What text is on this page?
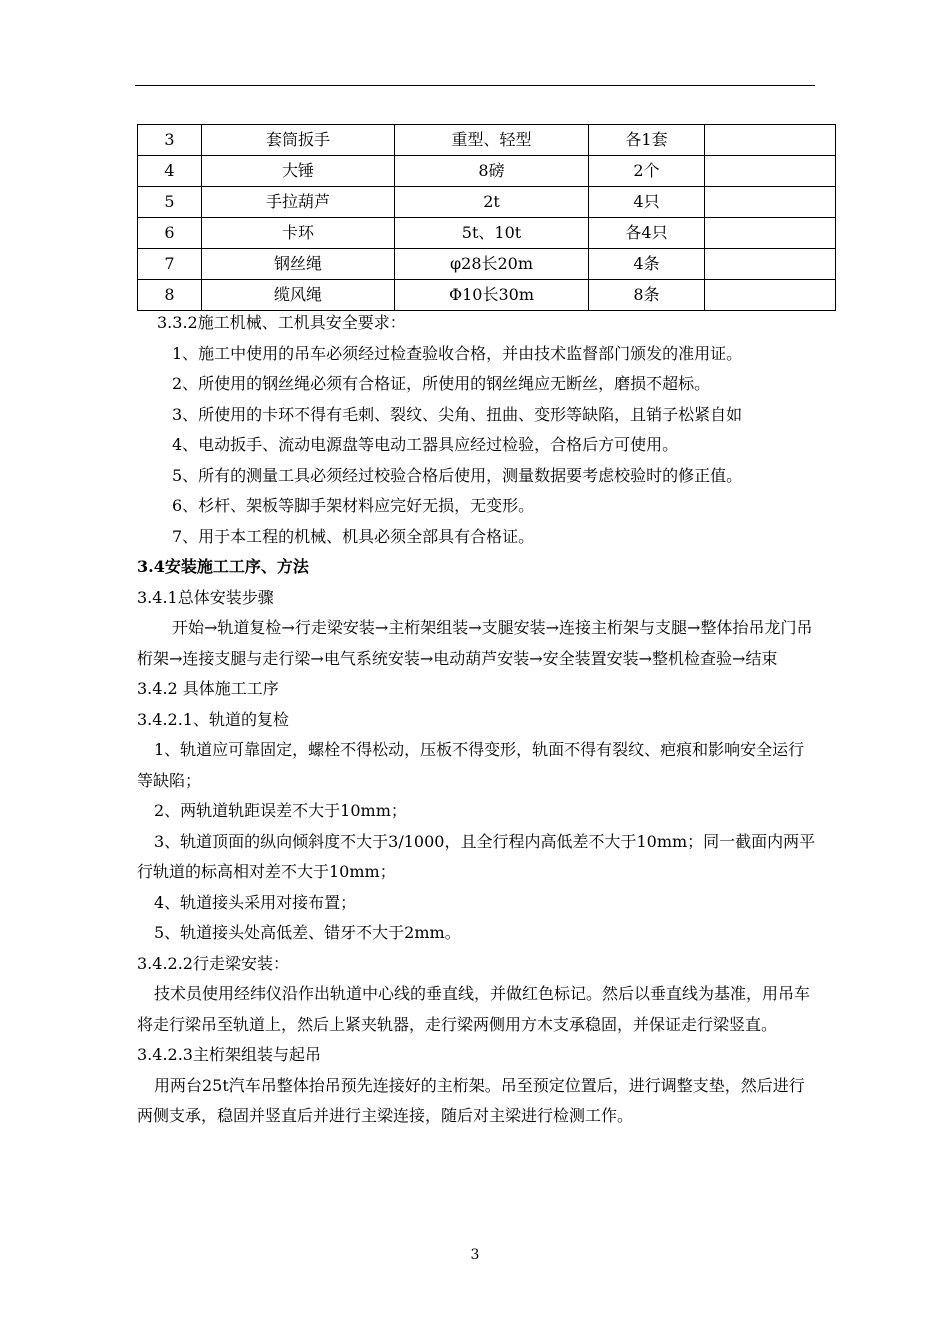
3	套筒扳手	重型、轻型	各1套	
4	大锤	8磅	2个	
5	手拉葫芦	2t	4只	
6	卡环	5t、10t	各4只	
7	钢丝绳	φ28长20m	4条	
8	缆风绳	Φ10长30m	8条	

3.3.2施工机械、工机具安全要求：

1、施工中使用的吊车必须经过检查验收合格，并由技术监督部门颁发的准用证。

2、所使用的钢丝绳必须有合格证，所使用的钢丝绳应无断丝，磨损不超标。

3、所使用的卡环不得有毛刺、裂纹、尖角、扭曲、变形等缺陷，且销子松紧自如

4、电动扳手、流动电源盘等电动工器具应经过检验，合格后方可使用。

5、所有的测量工具必须经过校验合格后使用，测量数据要考虑校验时的修正值。

6、杉杆、架板等脚手架材料应完好无损，无变形。

7、用于本工程的机械、机具必须全部具有合格证。

3.4安装施工工序、方法

3.4.1总体安装步骤

开始→轨道复检→行走梁安装→主桁架组装→支腿安装→连接主桁架与支腿→整体抬吊龙门吊桁架→连接支腿与走行梁→电气系统安装→电动葫芦安装→安全装置安装→整机检查验→结束

3.4.2 具体施工工序

3.4.2.1、轨道的复检

1、轨道应可靠固定，螺栓不得松动，压板不得变形，轨面不得有裂纹、疤痕和影响安全运行等缺陷；

2、两轨道轨距误差不大于10mm；

3、轨道顶面的纵向倾斜度不大于3/1000，且全行程内高低差不大于10mm；同一截面内两平行轨道的标高相对差不大于10mm；

4、轨道接头采用对接布置；

5、轨道接头处高低差、错牙不大于2mm。

3.4.2.2行走梁安装：

技术员使用经纬仪沿作出轨道中心线的垂直线，并做红色标记。然后以垂直线为基准，用吊车将走行梁吊至轨道上，然后上紧夹轨器，走行梁两侧用方木支承稳固，并保证走行梁竖直。

3.4.2.3主桁架组装与起吊

用两台25t汽车吊整体抬吊预先连接好的主桁架。吊至预定位置后，进行调整支垫，然后进行两侧支承，稳固并竖直后并进行主梁连接，随后对主梁进行检测工作。

3
